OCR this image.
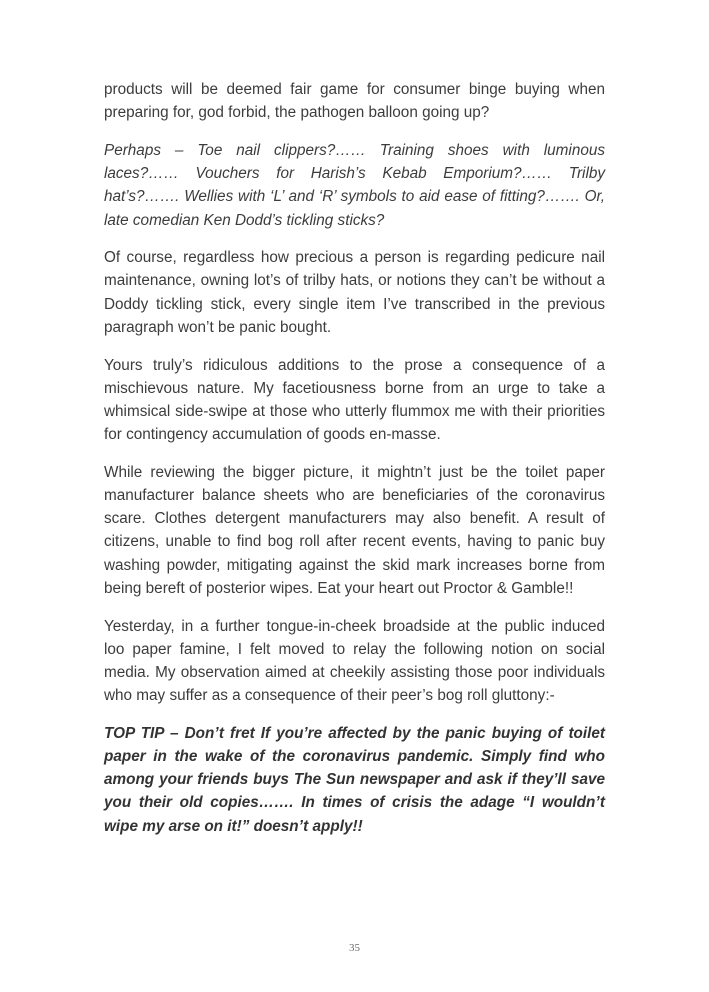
products will be deemed fair game for consumer binge buying when preparing for, god forbid, the pathogen balloon going up?

Perhaps – Toe nail clippers?…… Training shoes with luminous laces?…… Vouchers for Harish’s Kebab Emporium?…… Trilby hat’s?……. Wellies with ‘L’ and ‘R’ symbols to aid ease of fitting?……. Or, late comedian Ken Dodd’s tickling sticks?

Of course, regardless how precious a person is regarding pedicure nail maintenance, owning lot’s of trilby hats, or notions they can’t be without a Doddy tickling stick, every single item I’ve transcribed in the previous paragraph won’t be panic bought.

Yours truly’s ridiculous additions to the prose a consequence of a mischievous nature. My facetiousness borne from an urge to take a whimsical side-swipe at those who utterly flummox me with their priorities for contingency accumulation of goods en-masse.

While reviewing the bigger picture, it mightn’t just be the toilet paper manufacturer balance sheets who are beneficiaries of the coronavirus scare. Clothes detergent manufacturers may also benefit. A result of citizens, unable to find bog roll after recent events, having to panic buy washing powder, mitigating against the skid mark increases borne from being bereft of posterior wipes. Eat your heart out Proctor & Gamble!!

Yesterday, in a further tongue-in-cheek broadside at the public induced loo paper famine, I felt moved to relay the following notion on social media. My observation aimed at cheekily assisting those poor individuals who may suffer as a consequence of their peer’s bog roll gluttony:-

TOP TIP – Don’t fret If you’re affected by the panic buying of toilet paper in the wake of the coronavirus pandemic. Simply find who among your friends buys The Sun newspaper and ask if they’ll save you their old copies……. In times of crisis the adage “I wouldn’t wipe my arse on it!” doesn’t apply!!

35
